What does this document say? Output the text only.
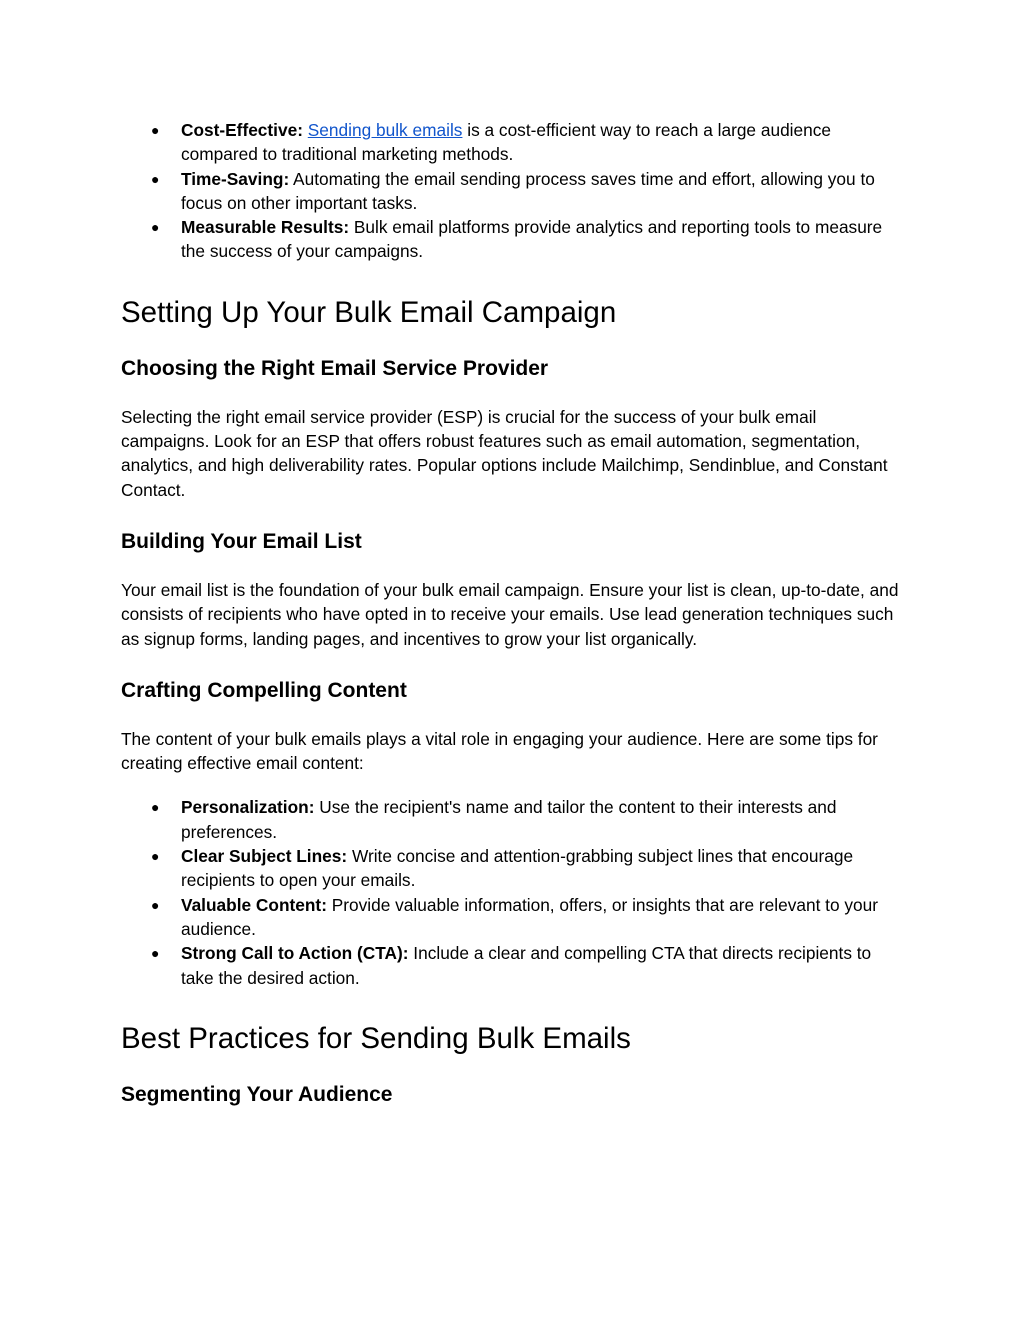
● Cost-Effective: Sending bulk emails is a cost-efficient way to reach a large audience compared to traditional marketing methods.
● Time-Saving: Automating the email sending process saves time and effort, allowing you to focus on other important tasks.
● Measurable Results: Bulk email platforms provide analytics and reporting tools to measure the success of your campaigns.
Setting Up Your Bulk Email Campaign
Choosing the Right Email Service Provider

Selecting the right email service provider (ESP) is crucial for the success of your bulk email campaigns. Look for an ESP that offers robust features such as email automation, segmentation, analytics, and high deliverability rates. Popular options include Mailchimp, Sendinblue, and Constant Contact.

Building Your Email List

Your email list is the foundation of your bulk email campaign. Ensure your list is clean, up-to-date, and consists of recipients who have opted in to receive your emails. Use lead generation techniques such as signup forms, landing pages, and incentives to grow your list organically.

Crafting Compelling Content

The content of your bulk emails plays a vital role in engaging your audience. Here are some tips for creating effective email content:

● Personalization: Use the recipient's name and tailor the content to their interests and preferences.
● Clear Subject Lines: Write concise and attention-grabbing subject lines that encourage recipients to open your emails.
● Valuable Content: Provide valuable information, offers, or insights that are relevant to your audience.
● Strong Call to Action (CTA): Include a clear and compelling CTA that directs recipients to take the desired action.
Best Practices for Sending Bulk Emails
Segmenting Your Audience
